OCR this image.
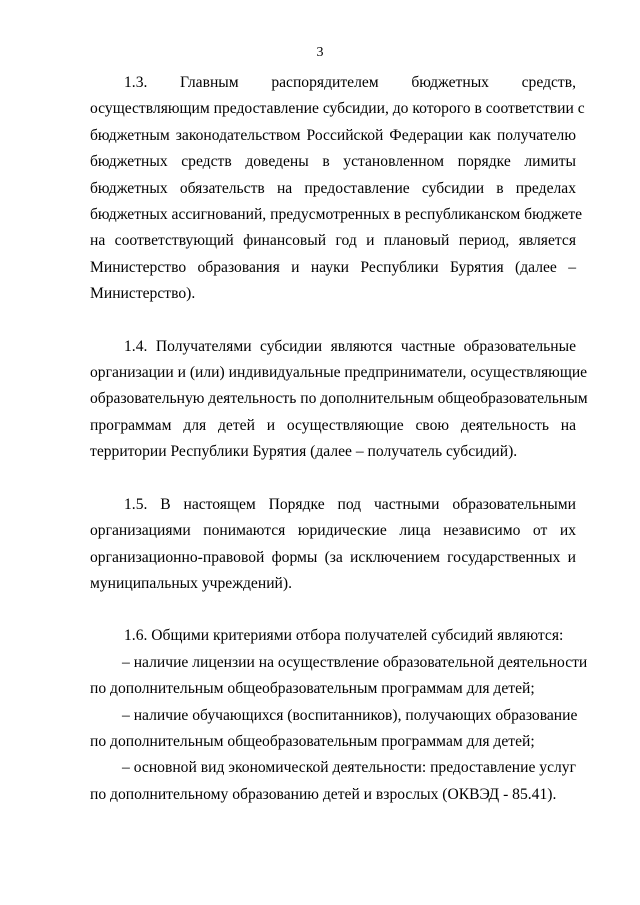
3
1.3. Главным распорядителем бюджетных средств,
осуществляющим предоставление субсидии, до которого в соответствии с
бюджетным законодательством Российской Федерации как получателю
бюджетных средств доведены в установленном порядке лимиты
бюджетных обязательств на предоставление субсидии в пределах
бюджетных ассигнований, предусмотренных в республиканском бюджете
на соответствующий финансовый год и плановый период, является
Министерство образования и науки Республики Бурятия (далее –
Министерство).
1.4. Получателями субсидии являются частные образовательные
организации и (или) индивидуальные предприниматели, осуществляющие
образовательную деятельность по дополнительным общеобразовательным
программам для детей и осуществляющие свою деятельность на
территории Республики Бурятия (далее – получатель субсидий).
1.5. В настоящем Порядке под частными образовательными
организациями понимаются юридические лица независимо от их
организационно-правовой формы (за исключением государственных и
муниципальных учреждений).
1.6. Общими критериями отбора получателей субсидий являются:
– наличие лицензии на осуществление образовательной деятельности
по дополнительным общеобразовательным программам для детей;
– наличие обучающихся (воспитанников), получающих образование
по дополнительным общеобразовательным программам для детей;
– основной вид экономической деятельности: предоставление услуг
по дополнительному образованию детей и взрослых (ОКВЭД - 85.41).
